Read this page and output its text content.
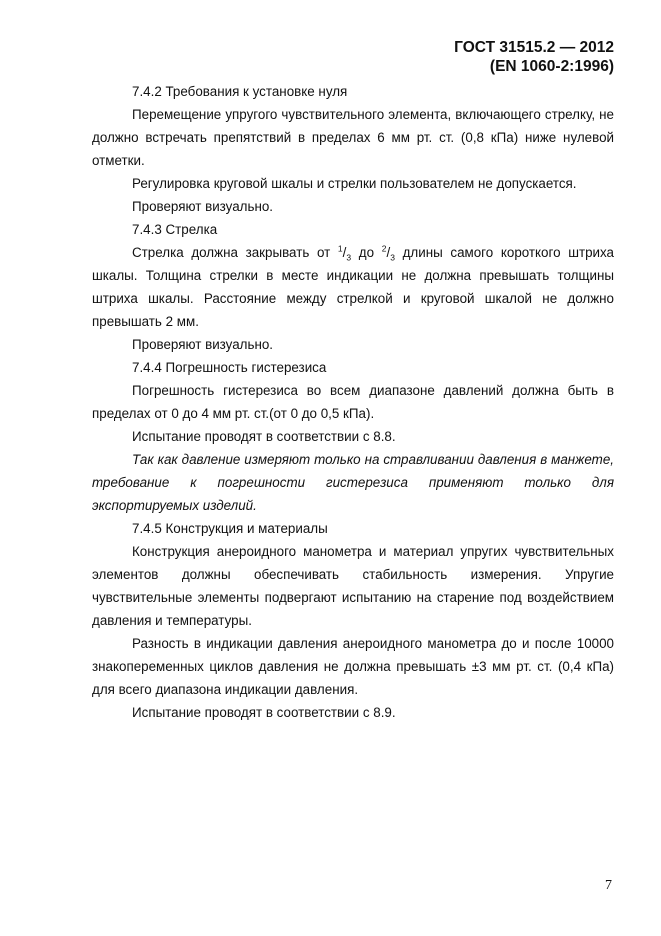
ГОСТ 31515.2 — 2012
(EN 1060-2:1996)

7.4.2 Требования к установке нуля

Перемещение упругого чувствительного элемента, включающего стрелку, не должно встречать препятствий в пределах 6 мм рт. ст. (0,8 кПа) ниже нулевой отметки.

Регулировка круговой шкалы и стрелки пользователем не допускается.

Проверяют визуально.

7.4.3 Стрелка

Стрелка должна закрывать от $^1/_3$ до $^2/_3$ длины самого короткого штриха шкалы. Толщина стрелки в месте индикации не должна превышать толщины штриха шкалы. Расстояние между стрелкой и круговой шкалой не должно превышать 2 мм.

Проверяют визуально.

7.4.4 Погрешность гистерезиса

Погрешность гистерезиса во всем диапазоне давлений должна быть в пределах от 0 до 4 мм рт. ст.(от 0 до 0,5 кПа).

Испытание проводят в соответствии с 8.8.

Так как давление измеряют только на стравливании давления в манжете, требование к погрешности гистерезиса применяют только для экспортируемых изделий.

7.4.5 Конструкция и материалы

Конструкция анероидного манометра и материал упругих чувствительных элементов должны обеспечивать стабильность измерения. Упругие чувствительные элементы подвергают испытанию на старение под воздействием давления и температуры.

Разность в индикации давления анероидного манометра до и после 10000 знакопеременных циклов давления не должна превышать ±3 мм рт. ст. (0,4 кПа) для всего диапазона индикации давления.

Испытание проводят в соответствии с 8.9.

7
